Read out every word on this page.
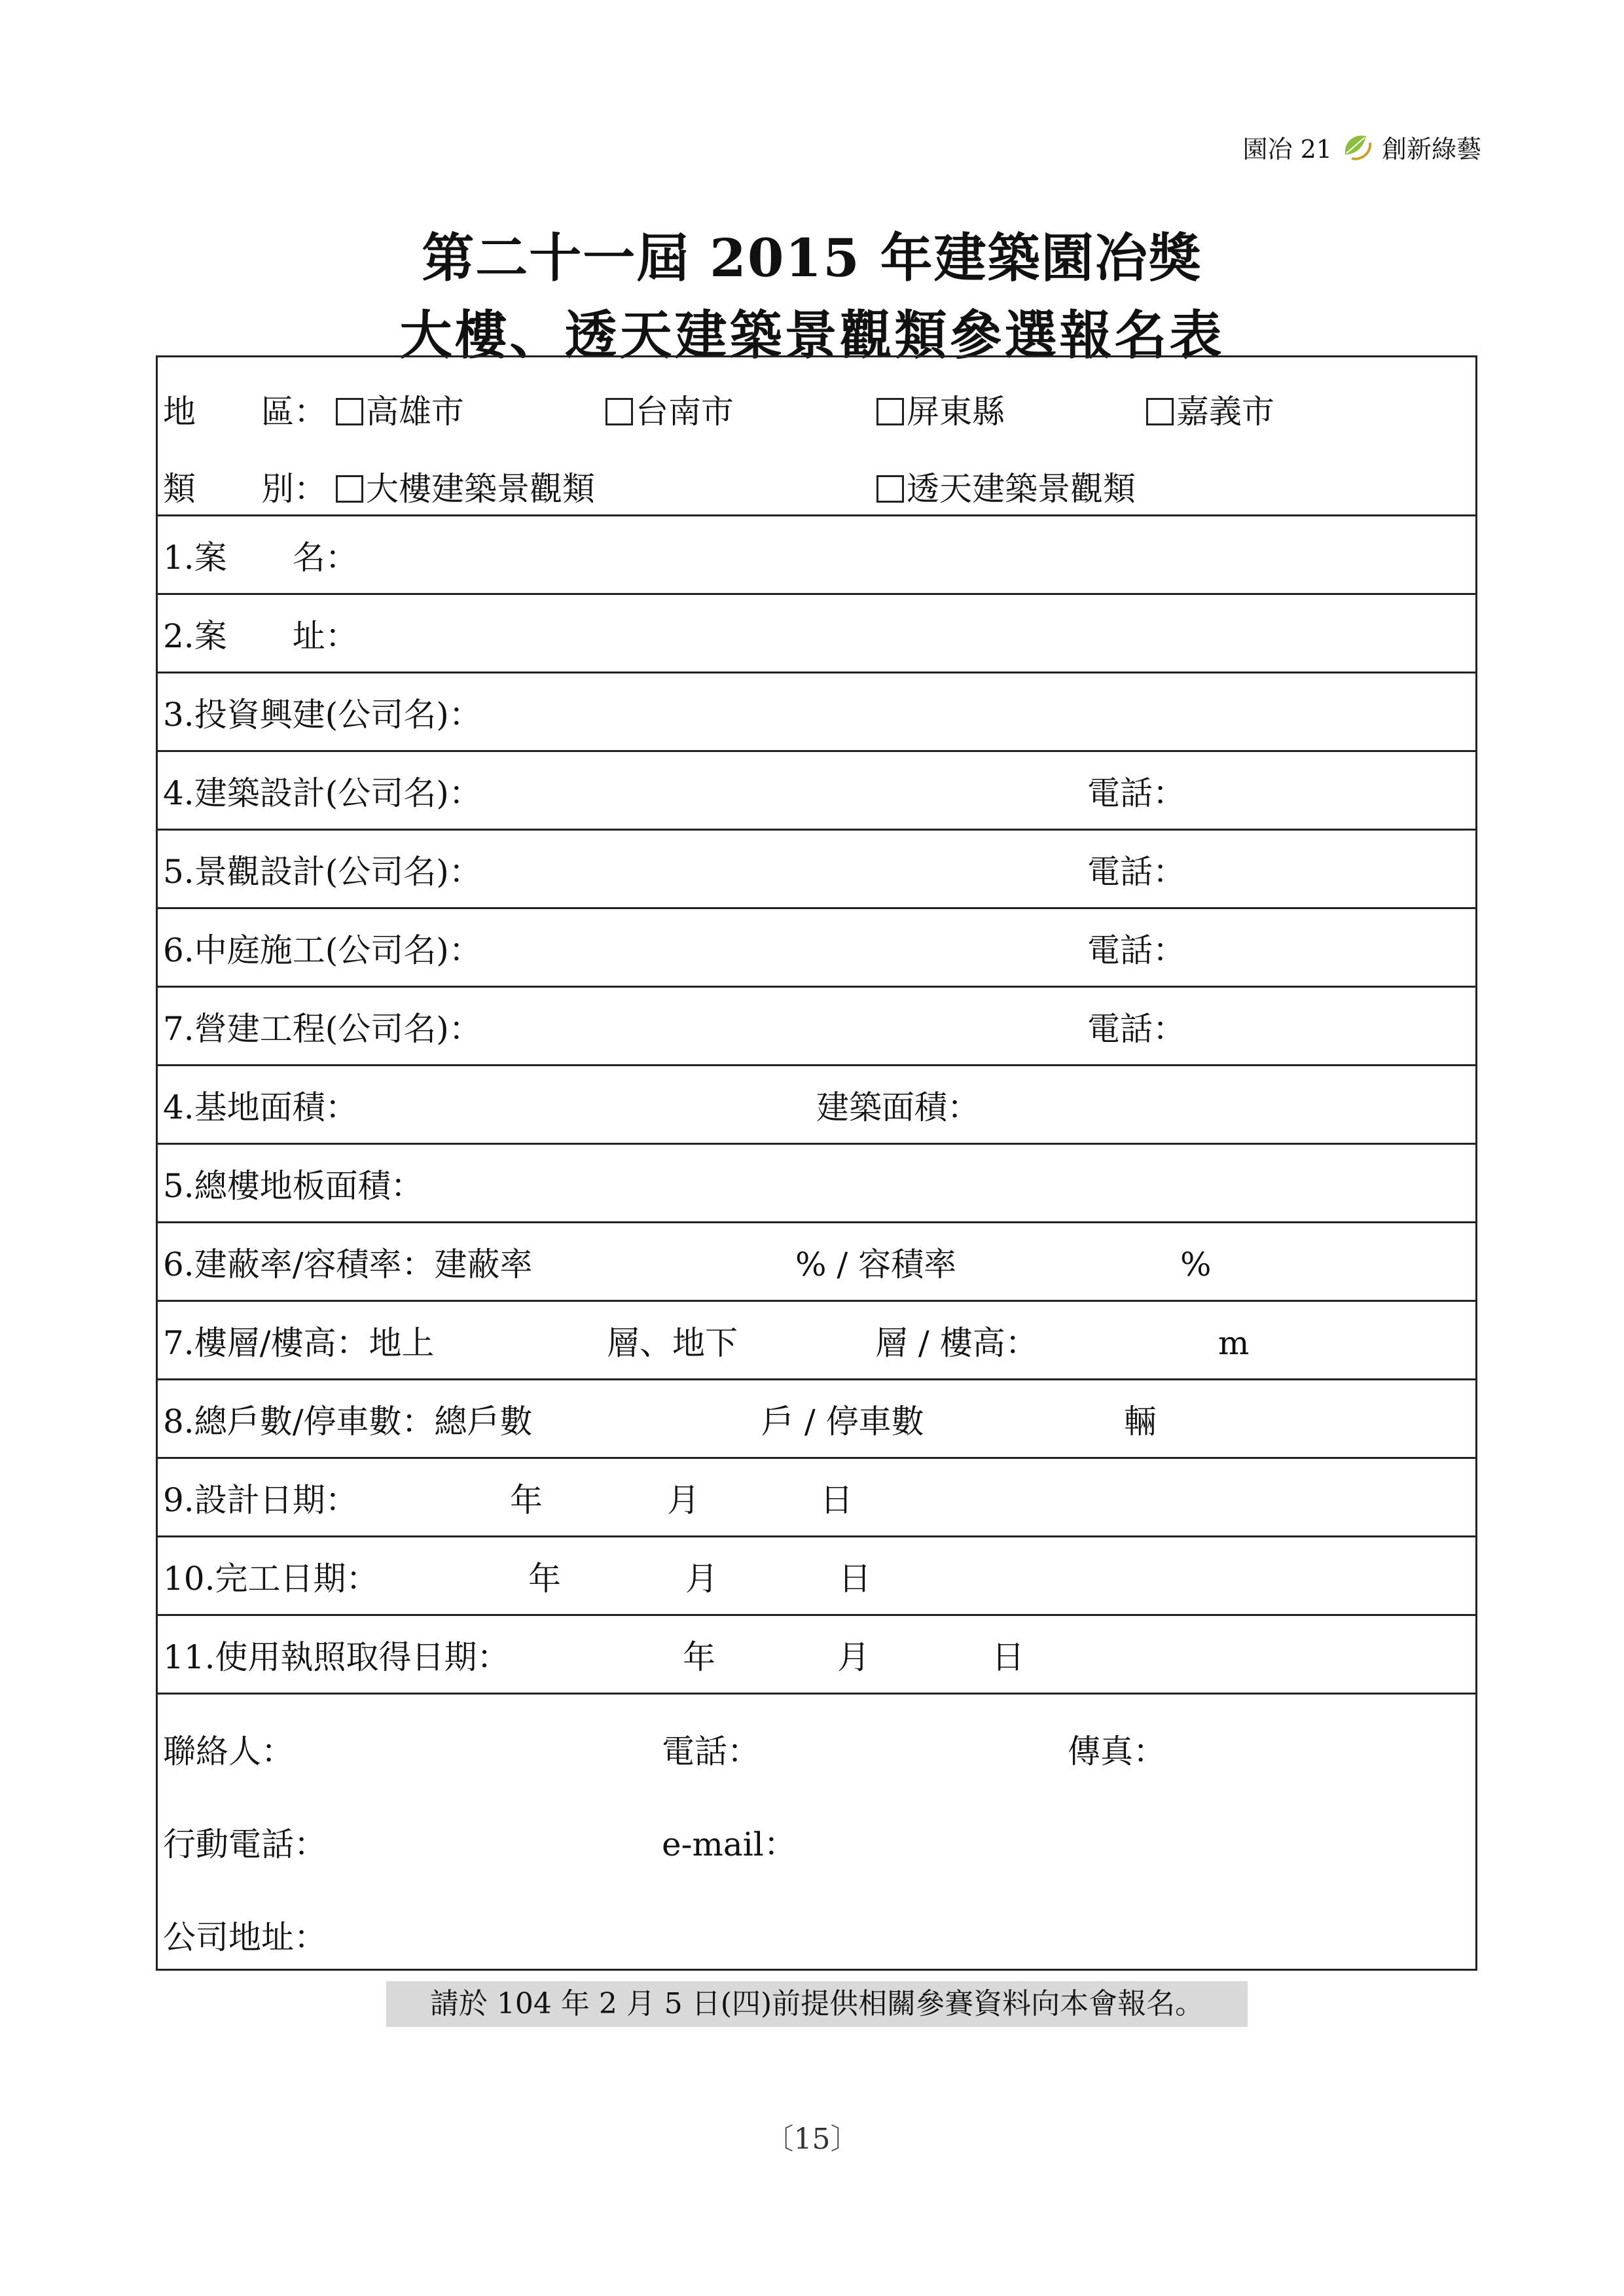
園冶 21 創新綠藝
第二十一屆 2015 年建築園冶獎
大樓、透天建築景觀類參選報名表
地　　區：	高雄市	台南市	屏東縣	嘉義市
類　　別：	大樓建築景觀類	透天建築景觀類
1.案　　名：
2.案　　址：
3.投資興建(公司名)：
4.建築設計(公司名)：	電話：
5.景觀設計(公司名)：	電話：
6.中庭施工(公司名)：	電話：
7.營建工程(公司名)：	電話：
4.基地面積：	建築面積：
5.總樓地板面積：
6.建蔽率/容積率：建蔽率	% / 容積率	%
7.樓層/樓高：地上	層、地下	層 / 樓高：	m
8.總戶數/停車數：總戶數	戶 / 停車數	輛
9.設計日期：	年	月	日
10.完工日期：	年	月	日
11.使用執照取得日期：	年	月	日
聯絡人：	電話：	傳真：
行動電話：	e-mail：
公司地址：
請於 104 年 2 月 5 日(四)前提供相關參賽資料向本會報名。
〔15〕
